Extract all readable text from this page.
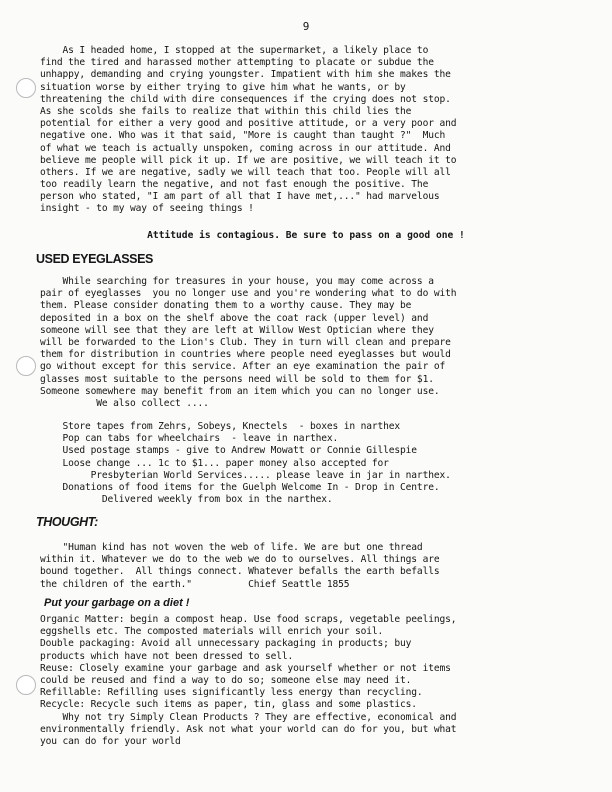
9
As I headed home, I stopped at the supermarket, a likely place to
find the tired and harassed mother attempting to placate or subdue the
unhappy, demanding and crying youngster. Impatient with him she makes the
situation worse by either trying to give him what he wants, or by
threatening the child with dire consequences if the crying does not stop.
As she scolds she fails to realize that within this child lies the
potential for either a very good and positive attitude, or a very poor and
negative one. Who was it that said, "More is caught than taught ?"  Much
of what we teach is actually unspoken, coming across in our attitude. And
believe me people will pick it up. If we are positive, we will teach it to
others. If we are negative, sadly we will teach that too. People will all
too readily learn the negative, and not fast enough the positive. The
person who stated, "I am part of all that I have met,..." had marvelous
insight - to my way of seeing things !
Attitude is contagious. Be sure to pass on a good one !
USED EYEGLASSES
While searching for treasures in your house, you may come across a
pair of eyeglasses  you no longer use and you're wondering what to do with
them. Please consider donating them to a worthy cause. They may be
deposited in a box on the shelf above the coat rack (upper level) and
someone will see that they are left at Willow West Optician where they
will be forwarded to the Lion's Club. They in turn will clean and prepare
them for distribution in countries where people need eyeglasses but would
go without except for this service. After an eye examination the pair of
glasses most suitable to the persons need will be sold to them for $1.
Someone somewhere may benefit from an item which you can no longer use.
We also collect ....
Store tapes from Zehrs, Sobeys, Knectels  - boxes in narthex
Pop can tabs for wheelchairs  - leave in narthex.
Used postage stamps - give to Andrew Mowatt or Connie Gillespie
Loose change ... 1c to $1... paper money also accepted for
Presbyterian World Services..... please leave in jar in narthex.
Donations of food items for the Guelph Welcome In - Drop in Centre.
Delivered weekly from box in the narthex.
THOUGHT:
"Human kind has not woven the web of life. We are but one thread
within it. Whatever we do to the web we do to ourselves. All things are
bound together.  All things connect. Whatever befalls the earth befalls
the children of the earth."          Chief Seattle 1855
Put your garbage on a diet !
Organic Matter: begin a compost heap. Use food scraps, vegetable peelings,
eggshells etc. The composted materials will enrich your soil.
Double packaging: Avoid all unnecessary packaging in products; buy
products which have not been dressed to sell.
Reuse: Closely examine your garbage and ask yourself whether or not items
could be reused and find a way to do so; someone else may need it.
Refillable: Refilling uses significantly less energy than recycling.
Recycle: Recycle such items as paper, tin, glass and some plastics.
Why not try Simply Clean Products ? They are effective, economical and
environmentally friendly. Ask not what your world can do for you, but what
you can do for your world
